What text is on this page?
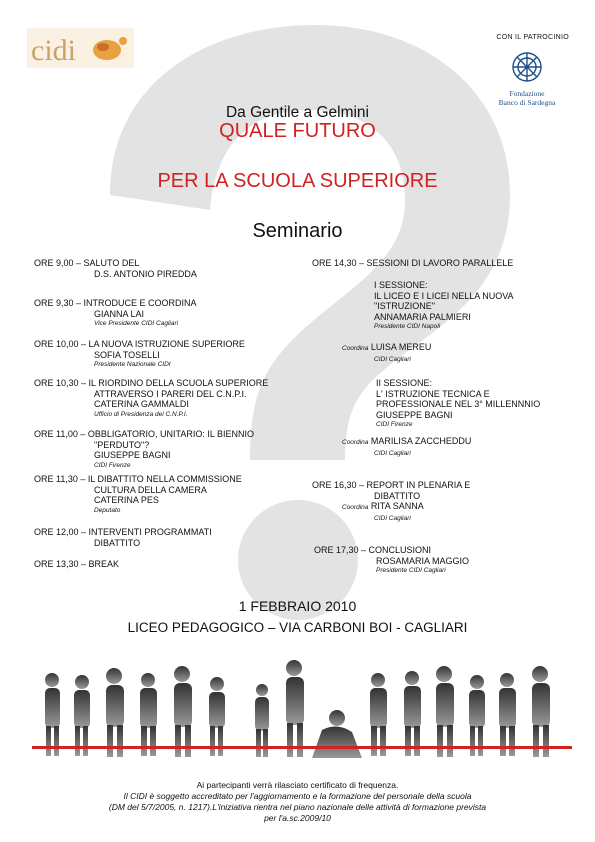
cidi	CON IL PATROCINIO
Fondazione
Banco di Sardegna
Da Gentile a Gelmini
QUALE FUTURO
PER LA SCUOLA SUPERIORE
Seminario
ORE 9,00 – SALUTO DEL
D.S. ANTONIO PIREDDA
ORE 9,30 – INTRODUCE E COORDINA
GIANNA LAI
Vice Presidente CIDI Cagliari
ORE 10,00 – LA NUOVA ISTRUZIONE SUPERIORE
SOFIA TOSELLI
Presidente Nazionale CIDI
ORE 10,30 – IL RIORDINO DELLA SCUOLA SUPERIORE
ATTRAVERSO I PARERI DEL C.N.P.I.
CATERINA GAMMALDI
Ufficio di Presidenza del C.N.P.I.
ORE 11,00 – OBBLIGATORIO, UNITARIO: IL BIENNIO
"PERDUTO"?
GIUSEPPE BAGNI
CIDI Firenze
ORE 11,30 – IL DIBATTITO NELLA COMMISSIONE
CULTURA DELLA CAMERA
CATERINA PES
Deputato
ORE 12,00 – INTERVENTI PROGRAMMATI
DIBATTITO
ORE 13,30 – BREAK
ORE 14,30 – SESSIONI DI LAVORO PARALLELE
I SESSIONE:
IL LICEO E I LICEI NELLA NUOVA
"ISTRUZIONE"
ANNAMARIA PALMIERI
Presidente CIDI Napoli
Coordina LUISA MEREU
CIDI Cagliari
II SESSIONE:
L' ISTRUZIONE TECNICA E
PROFESSIONALE NEL 3° MILLENNNIO
GIUSEPPE BAGNI
CIDI Firenze
Coordina MARILISA ZACCHEDDU
CIDI Cagliari
ORE 16,30 – REPORT IN PLENARIA E
DIBATTITO
Coordina RITA SANNA
CIDI Cagliari
ORE 17,30 – CONCLUSIONI
ROSAMARIA MAGGIO
Presidente CIDI Cagliari
1 FEBBRAIO 2010
LICEO PEDAGOGICO – VIA CARBONI BOI - CAGLIARI
Ai partecipanti verrà rilasciato certificato di frequenza.
Il CIDI è soggetto accreditato per l'aggiornamento e la formazione del personale della scuola
(DM del 5/7/2005, n. 1217).L'iniziativa rientra nel piano nazionale delle attività di formazione prevista
per l'a.sc.2009/10
